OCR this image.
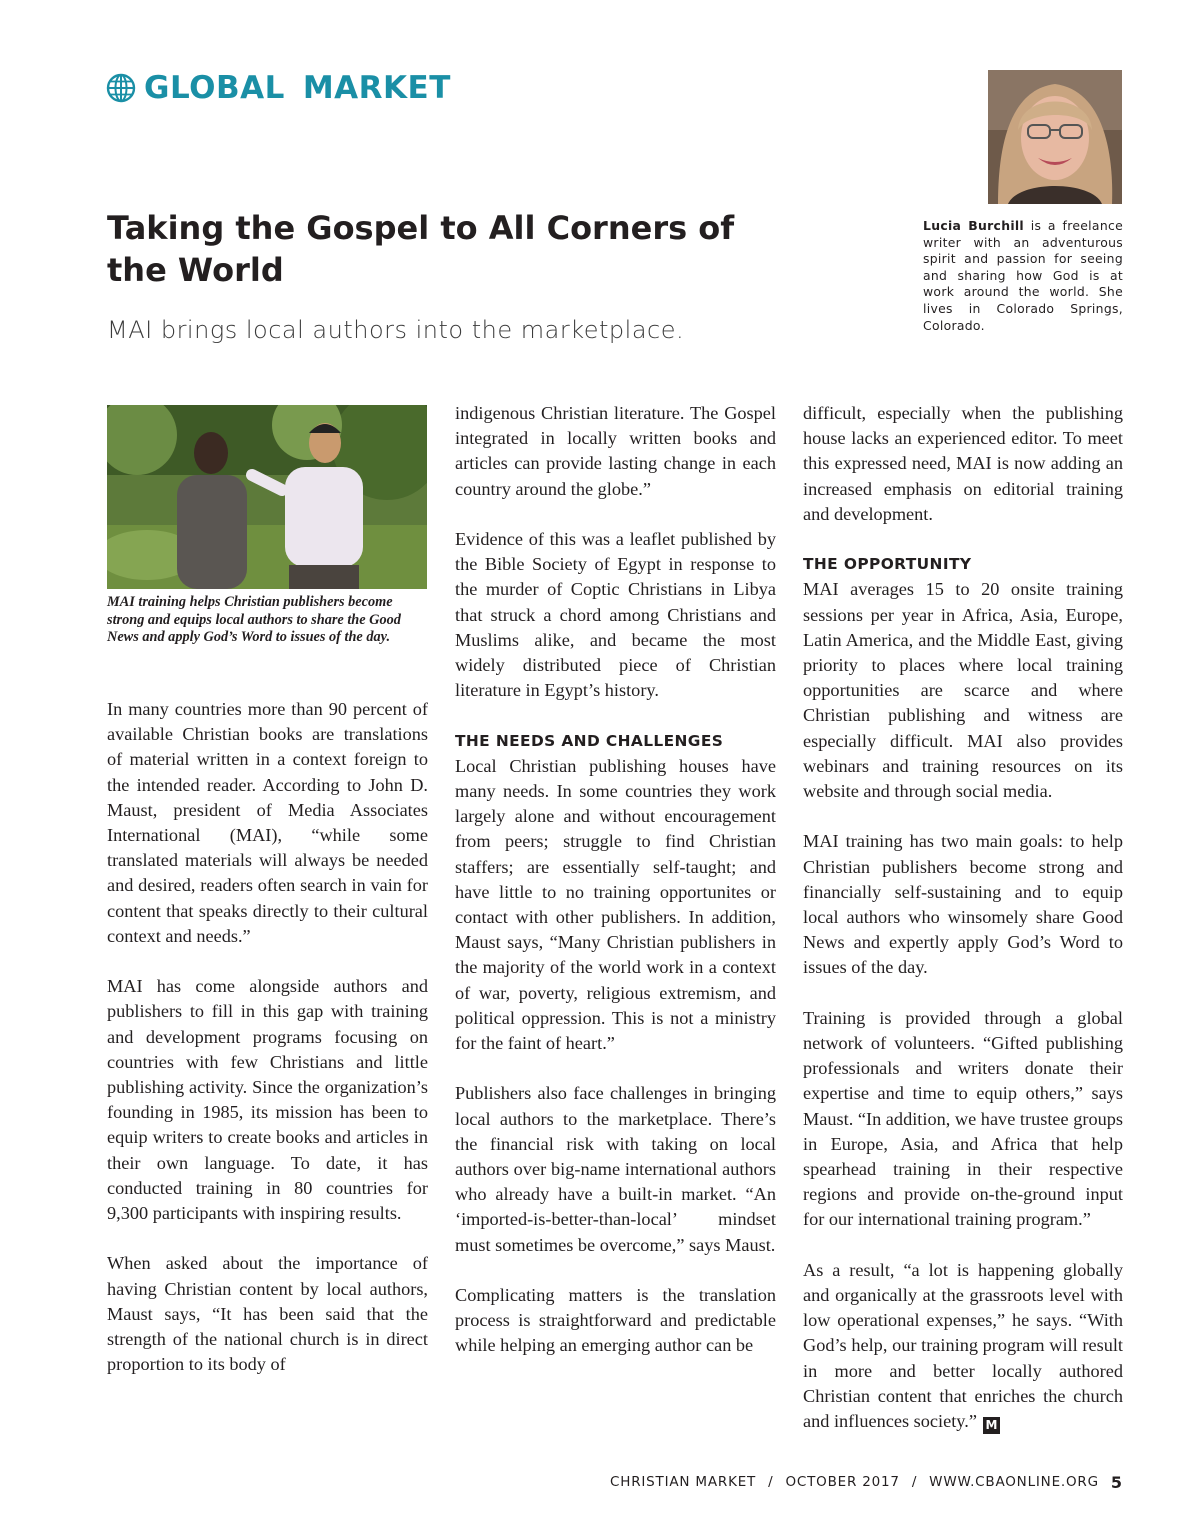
GLOBAL MARKET
Taking the Gospel to All Corners of the World

MAI brings local authors into the marketplace.

Lucia Burchill is a freelance writer with an adventurous spirit and passion for seeing and sharing how God is at work around the world. She lives in Colorado Springs, Colorado.

MAI training helps Christian publishers become strong and equips local authors to share the Good News and apply God’s Word to issues of the day.

In many countries more than 90 percent of available Christian books are translations of material written in a context foreign to the intended reader. According to John D. Maust, president of Media Associates International (MAI), “while some translated materials will always be needed and desired, readers often search in vain for content that speaks directly to their cultural context and needs.”

MAI has come alongside authors and publishers to fill in this gap with training and development programs focusing on countries with few Christians and little publishing activity. Since the organization’s founding in 1985, its mission has been to equip writers to create books and articles in their own language. To date, it has conducted training in 80 countries for 9,300 participants with inspiring results.

When asked about the importance of having Christian content by local authors, Maust says, “It has been said that the strength of the national church is in direct proportion to its body of

indigenous Christian literature. The Gospel integrated in locally written books and articles can provide lasting change in each country around the globe.”

Evidence of this was a leaflet published by the Bible Society of Egypt in response to the murder of Coptic Christians in Libya that struck a chord among Christians and Muslims alike, and became the most widely distributed piece of Christian literature in Egypt’s history.

THE NEEDS AND CHALLENGES

Local Christian publishing houses have many needs. In some countries they work largely alone and without encouragement from peers; struggle to find Christian staffers; are essentially self-taught; and have little to no training opportunites or contact with other publishers. In addition, Maust says, “Many Christian publishers in the majority of the world work in a context of war, poverty, religious extremism, and political oppression. This is not a ministry for the faint of heart.”

Publishers also face challenges in bringing local authors to the marketplace. There’s the financial risk with taking on local authors over big-name international authors who already have a built-in market. “An ‘imported-is-better-than-local’ mindset must sometimes be overcome,” says Maust.

Complicating matters is the translation process is straightforward and predictable while helping an emerging author can be

difficult, especially when the publishing house lacks an experienced editor. To meet this expressed need, MAI is now adding an increased emphasis on editorial training and development.

THE OPPORTUNITY

MAI averages 15 to 20 onsite training sessions per year in Africa, Asia, Europe, Latin America, and the Middle East, giving priority to places where local training opportunities are scarce and where Christian publishing and witness are especially difficult. MAI also provides webinars and training resources on its website and through social media.

MAI training has two main goals: to help Christian publishers become strong and financially self-sustaining and to equip local authors who winsomely share Good News and expertly apply God’s Word to issues of the day.

Training is provided through a global network of volunteers. “Gifted publishing professionals and writers donate their expertise and time to equip others,” says Maust. “In addition, we have trustee groups in Europe, Asia, and Africa that help spearhead training in their respective regions and provide on-the-ground input for our international training program.”

As a result, “a lot is happening globally and organically at the grassroots level with low operational expenses,” he says. “With God’s help, our training program will result in more and better locally authored Christian content that enriches the church and influences society.” M

CHRISTIAN MARKET / OCTOBER 2017 / WWW.CBAONLINE.ORG 5
